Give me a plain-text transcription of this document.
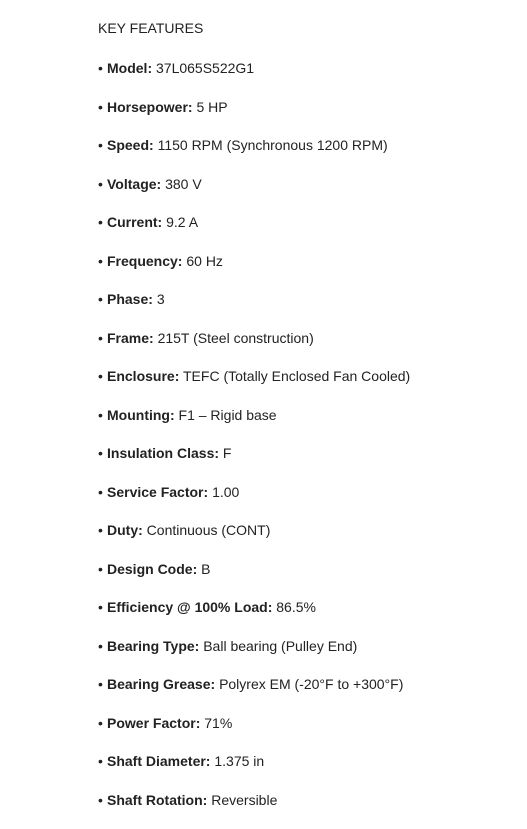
KEY FEATURES
• Model: 37L065S522G1
• Horsepower: 5 HP
• Speed: 1150 RPM (Synchronous 1200 RPM)
• Voltage: 380 V
• Current: 9.2 A
• Frequency: 60 Hz
• Phase: 3
• Frame: 215T (Steel construction)
• Enclosure: TEFC (Totally Enclosed Fan Cooled)
• Mounting: F1 – Rigid base
• Insulation Class: F
• Service Factor: 1.00
• Duty: Continuous (CONT)
• Design Code: B
• Efficiency @ 100% Load: 86.5%
• Bearing Type: Ball bearing (Pulley End)
• Bearing Grease: Polyrex EM (-20°F to +300°F)
• Power Factor: 71%
• Shaft Diameter: 1.375 in
• Shaft Rotation: Reversible
